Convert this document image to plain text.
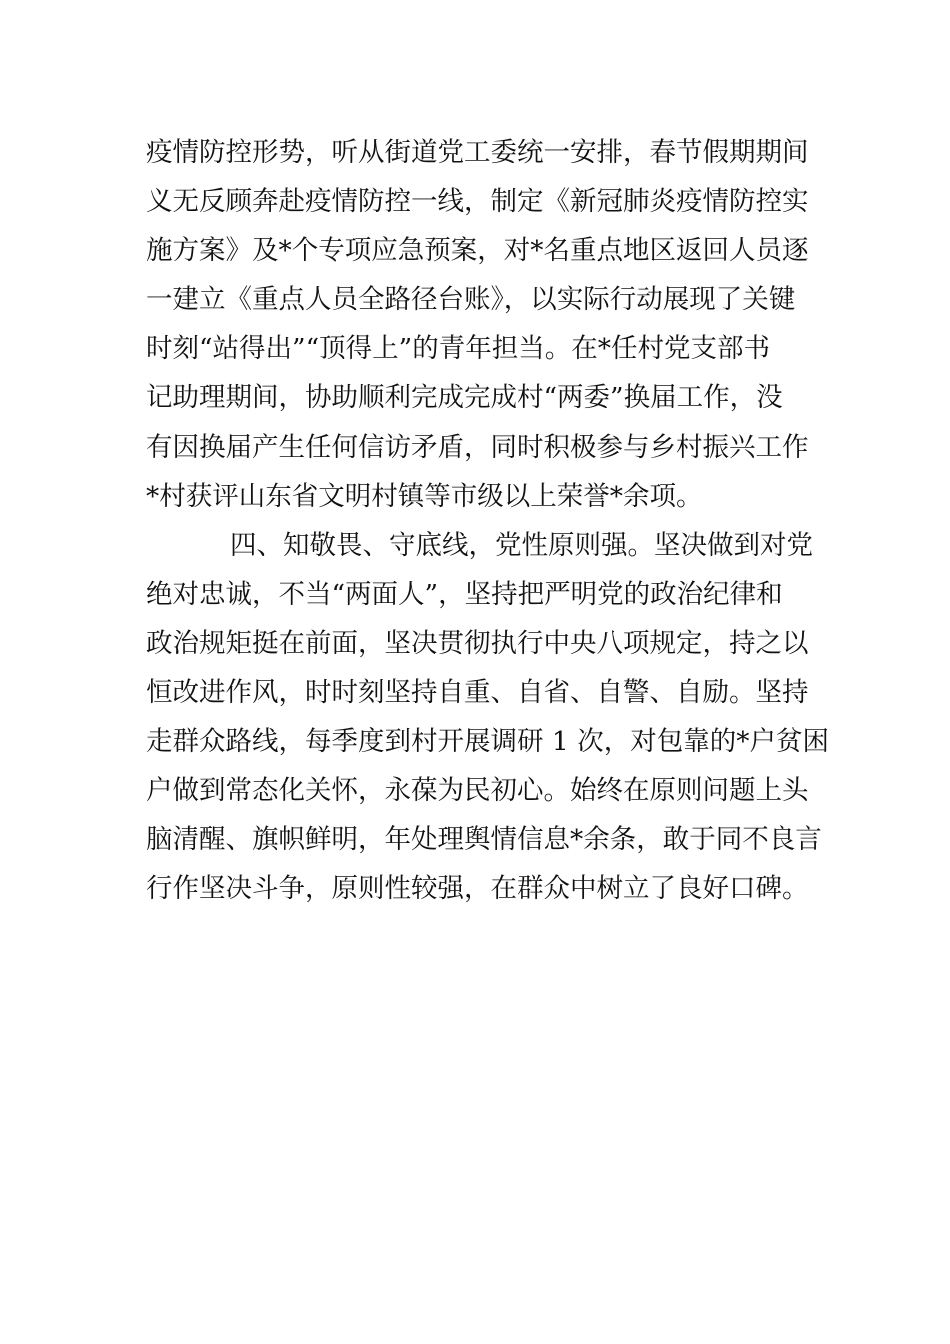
疫情防控形势，听从街道党工委统一安排，春节假期期间
义无反顾奔赴疫情防控一线，制定《新冠肺炎疫情防控实
施方案》及*个专项应急预案，对*名重点地区返回人员逐
一建立《重点人员全路径台账》，以实际行动展现了关键
时刻“站得出”“顶得上”的青年担当。在*任村党支部书
记助理期间，协助顺利完成完成村“两委”换届工作，没
有因换届产生任何信访矛盾，同时积极参与乡村振兴工作
*村获评山东省文明村镇等市级以上荣誉*余项。
四、知敬畏、守底线，党性原则强。坚决做到对党
绝对忠诚，不当“两面人”，坚持把严明党的政治纪律和
政治规矩挺在前面，坚决贯彻执行中央八项规定，持之以
恒改进作风，时时刻坚持自重、自省、自警、自励。坚持
走群众路线，每季度到村开展调研 1 次，对包靠的*户贫困
户做到常态化关怀，永葆为民初心。始终在原则问题上头
脑清醒、旗帜鲜明，年处理舆情信息*余条，敢于同不良言
行作坚决斗争，原则性较强，在群众中树立了良好口碑。
